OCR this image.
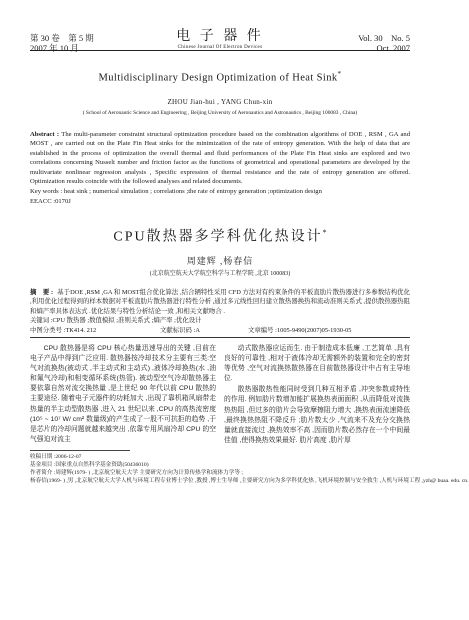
第 30 卷　第 5 期
2007 年 10 月
电 子 器 件
Chinese Journal Of Electron Devices
Vol. 30　No. 5
Oct. 2007
Multidisciplinary Design Optimization of Heat Sink*
ZHOU Jian-hui , YANG Chun-xin
( School of Aeronautic Science and Engineering , Beijing University of Aeronautics and Astronautics , Beijing 100083 , China)
Abstract : The multi-parameter constraint structural optimization procedure based on the combination algorithms of DOE , RSM , GA and MOST , are carried out on the Plate Fin Heat sinks for the minimization of the rate of entropy generation. With the help of data that are established in the process of optimization the overall thermal and fluid performances of the Plate Fin Heat sinks are explored and two correlations concerning Nusselt number and friction factor as the functions of geometrical and operational parameters are developed by the multivariate nonlinear regression analysis , Specific expression of thermal resistance and the rate of entropy generation are offered. Optimization results coincide with the followed analyses and related documents.
Key words : heat sink ; numerical simulation ; correlations ;the rate of entropy generation ;optimization design
EEACC :0170J
CPU散热器多学科优化热设计*
周建辉 ,杨春信
(北京航空航天大学航空科学与工程学院 ,北京 100083)
摘　要 : 基于DOE ,RSM ,GA 和 MOST组合优化算法 ,结合辆特性采用 CFD 方法对有约束条件的平板直肋片散热器进行多参数结构优化 ,利用优化过程得到的样本数据对平板直肋片散热器进行特性分析 ,通过多元线性回归建立散热器换热和流动准则关系式 ,提供散热器热阻和熵产率具体表达式 .优化结果与特性分析结论一致 ,和相关文献吻合 .
关键词 :CPU 散热器 ;数值模拟 ;准则关系式 ;熵产率 ;优化设计
中图分类号 :TK414. 212	文献标识码 :A	文章编号 :1005-9490(2007)05-1930-05

CPU 散热器是将 CPU 核心热量迅速导出的关键 ,目前在电子产品中得到广泛应用. 散热器按冷却技术分主要有三类:空气对流换热(被动式 ,半主动式和主动式) ,液体冷却换热(水 ,油和氟气冷却)和相变循环系统(热管). 被动型空气冷却散热器主要依靠自然对流交换热量 ,是上世纪 90 年代以前 CPU 散热的主要途径. 随着电子元器件的功耗加大 ,出现了靠机箱风扇带走热量的半主动型散热器 ,进入 21 世纪以来 ,CPU 的高热流密度(10⁵ ~ 10⁷ W/ cm² 数量级)的产生成了一股不可抗拒的趋势 ,于是芯片的冷却问题就越来越突出 ,依靠专用风扇冷却 CPU 的空气强迫对流主

动式散热器应运而生. 由于制造成本低廉 ,工艺简单 ,具有良好的可靠性 ,相对于液体冷却无需额外的装置和完全的密封等优势 ,空气对流换热散热器在目前散热器设计中占有主导地位.

散热器散热性能同时受到几种互相矛盾 ,冲突参数或特性的作用. 例如肋片数增加能扩展换热表面面积 ,从而降低对流换热热阻 ,但过多的肋片会导致摩擦阻力增大 ,换热表面流速降低 ,最终换热热阻不降反升 ;肋片数太少 ,气流来不及充分交换热量就直接流过 ,换热效率不高 ,因而肋片数必然存在一个中间最佳值 ,使得换热效果最好. 肋片高度 ,肋片厚

收稿日期 :2006-12-07
基金项目 :国家重点自然科学基金资助(50436010)
作者简介 :周建辉(1979- ) ,北京航空航天大学 主要研究方向为计算传热学和流体力学等 ;
杨春信(1969- ) ,男 ,北京航空航天大学人机与环境工程专业博士学位 ,教授 ,博士生导师 ,主要研究方向为多学科优化热 ,飞机环境控制与安全救生 ,人机与环境工程 ,yzh@ buaa. edu. cn.
